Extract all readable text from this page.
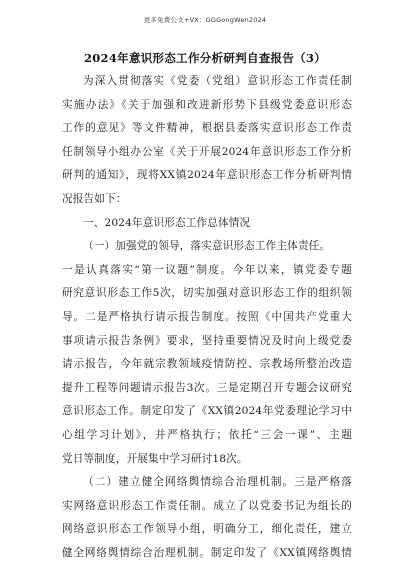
更多免费公文+VX：GGGongWen2024
2024年意识形态工作分析研判自查报告（3）
为深入贯彻落实《党委（党组）意识形态工作责任制
实施办法》《关于加强和改进新形势下县级党委意识形态
工作的意见》等文件精神，根据县委落实意识形态工作责
任制领导小组办公室《关于开展2024年意识形态工作分析
研判的通知》，现将XX镇2024年意识形态工作分析研判情
况报告如下：
一、2024年意识形态工作总体情况
（一）加强党的领导，落实意识形态工作主体责任。
一是认真落实“第一议题”制度。今年以来，镇党委专题
研究意识形态工作5次，切实加强对意识形态工作的组织领
导。二是严格执行请示报告制度。按照《中国共产党重大
事项请示报告条例》要求，坚持重要情况及时向上级党委
请示报告，今年就宗教领域疫情防控、宗教场所整治改造
提升工程等问题请示报告3次。三是定期召开专题会议研究
意识形态工作。制定印发了《XX镇2024年党委理论学习中
心组学习计划》，并严格执行；依托“三会一课”、主题
党日等制度，开展集中学习研讨18次。
（二）建立健全网络舆情综合治理机制。三是严格落
实网络意识形态工作责任制。成立了以党委书记为组长的
网络意识形态工作领导小组，明确分工，细化责任，建立
健全网络舆情综合治理机制。制定印发了《XX镇网络舆情
